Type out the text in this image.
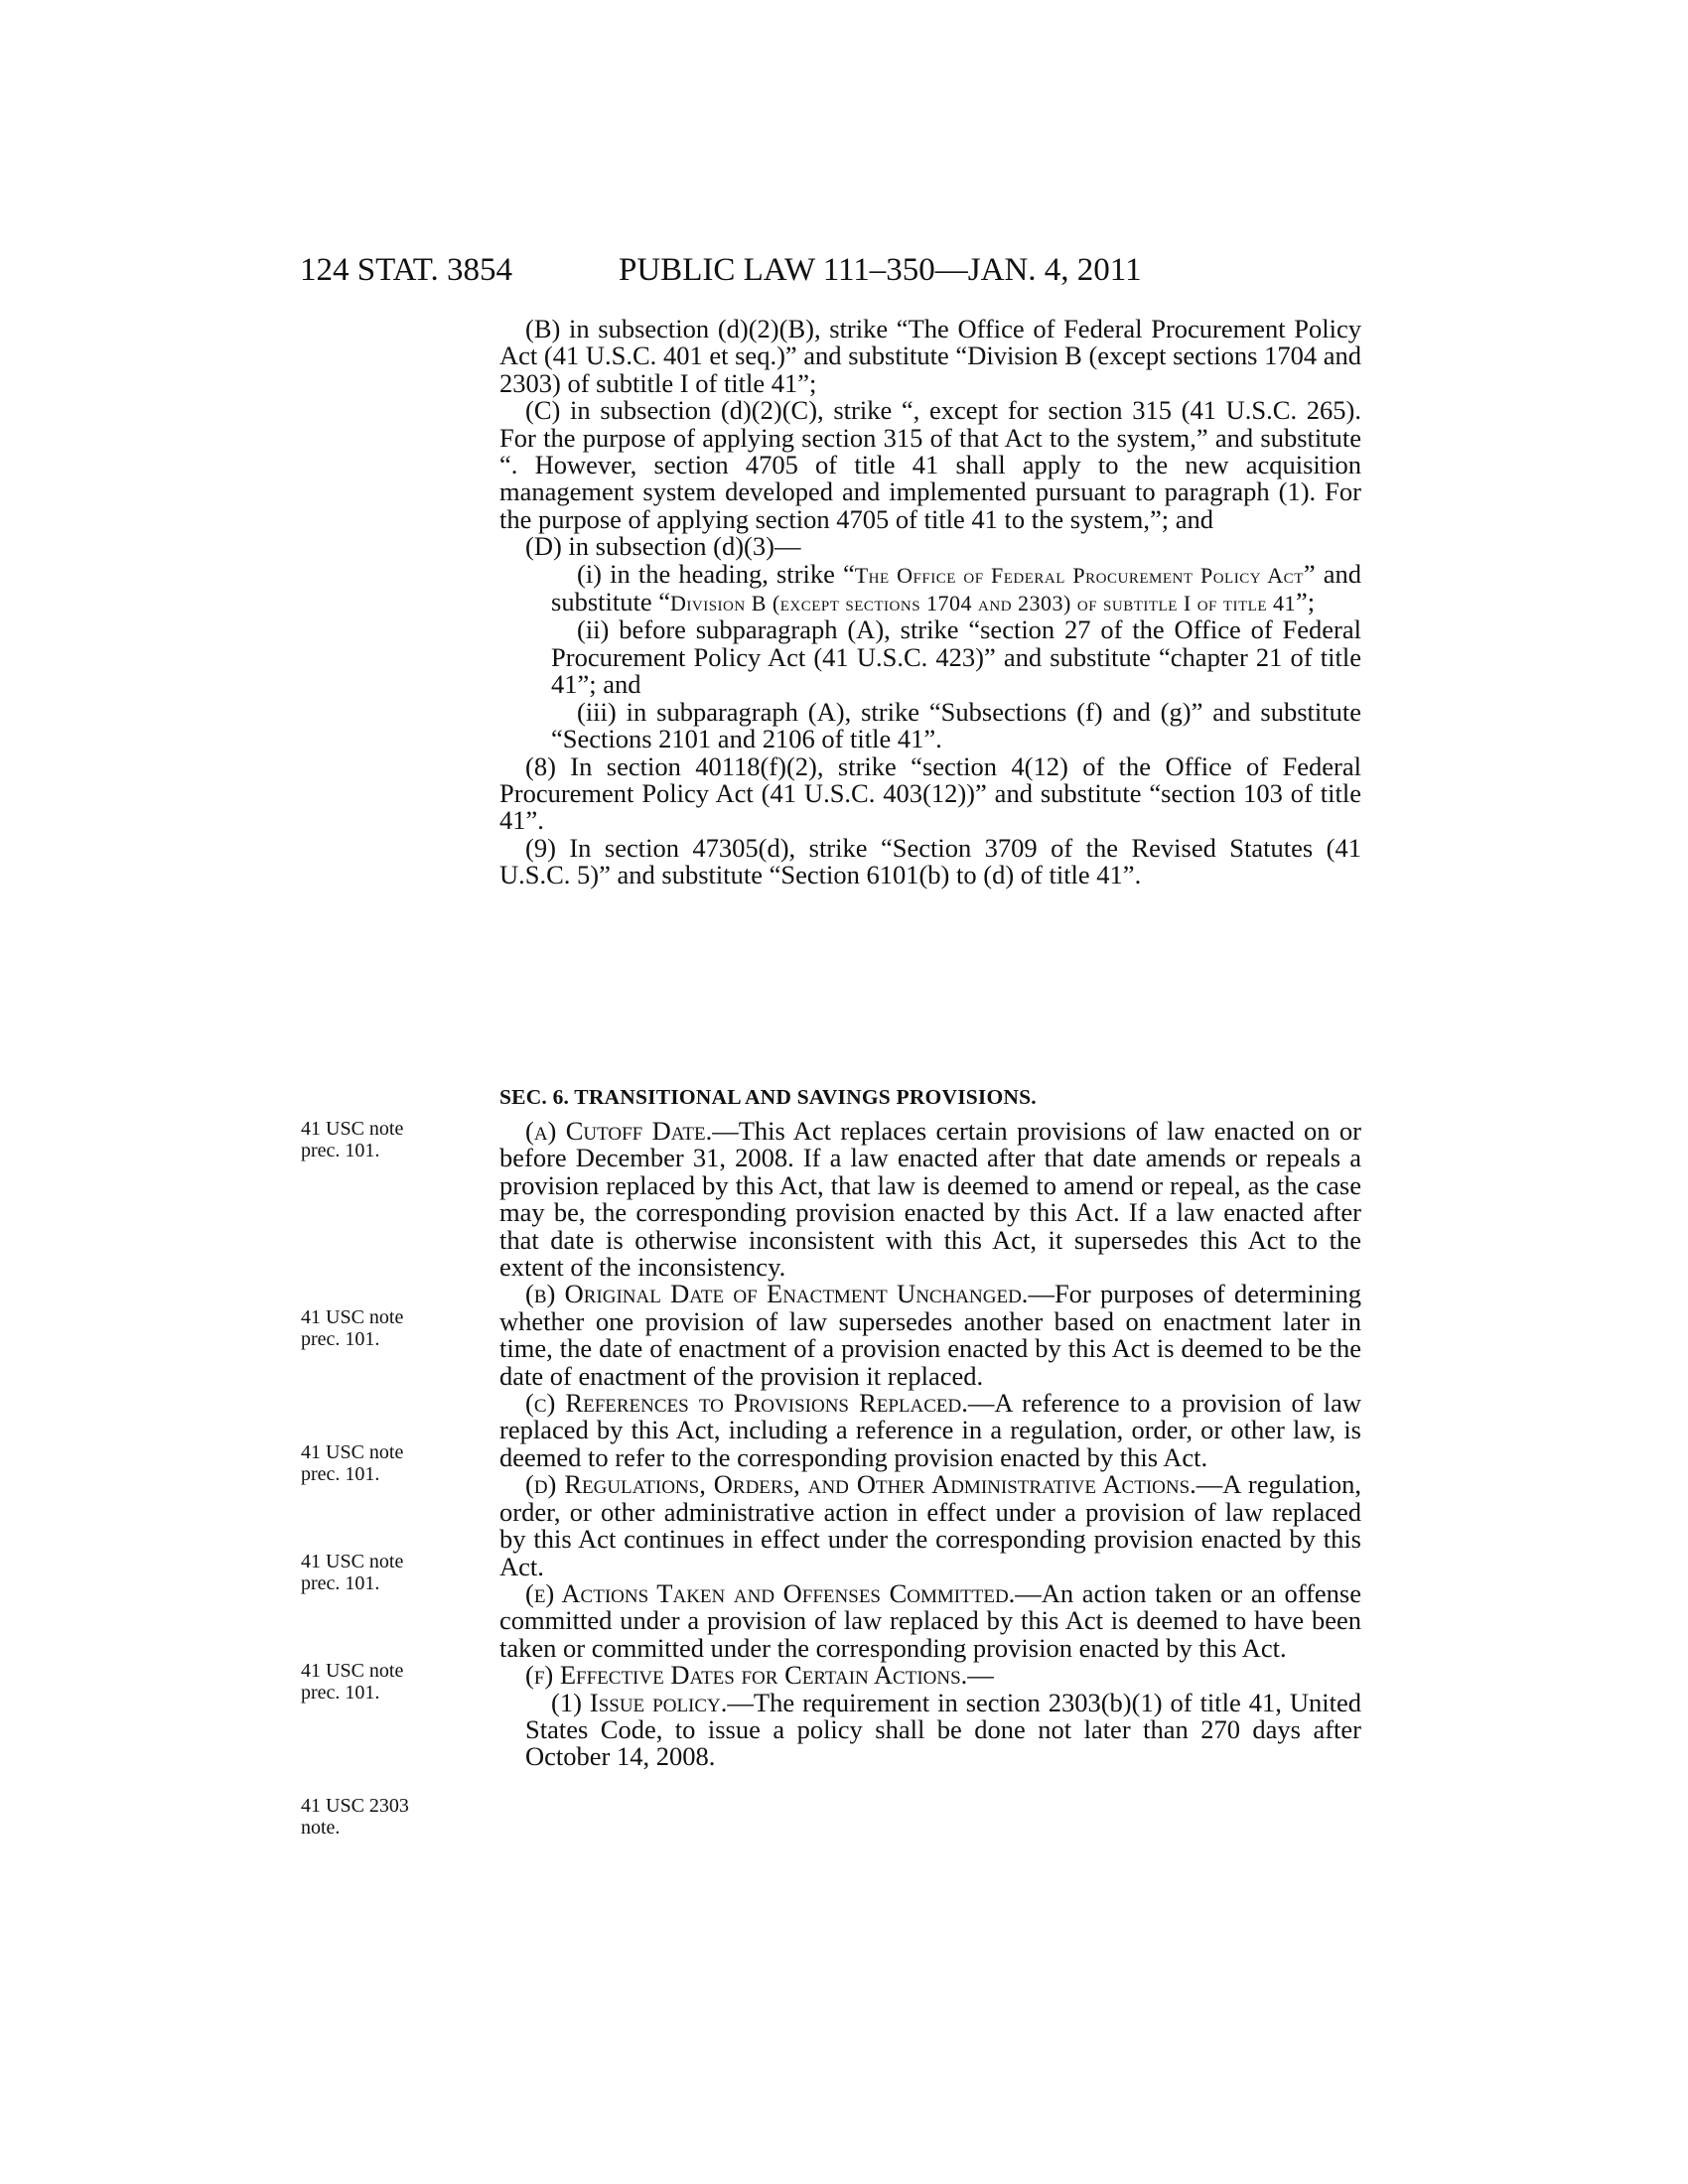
124 STAT. 3854	PUBLIC LAW 111–350—JAN. 4, 2011

(B) in subsection (d)(2)(B), strike “The Office of Federal Procurement Policy Act (41 U.S.C. 401 et seq.)” and substitute “Division B (except sections 1704 and 2303) of subtitle I of title 41”;

(C) in subsection (d)(2)(C), strike “, except for section 315 (41 U.S.C. 265). For the purpose of applying section 315 of that Act to the system,” and substitute “. However, section 4705 of title 41 shall apply to the new acquisition management system developed and implemented pursuant to paragraph (1). For the purpose of applying section 4705 of title 41 to the system,”; and

(D) in subsection (d)(3)—

(i) in the heading, strike “The Office of Federal Procurement Policy Act” and substitute “Division B (except sections 1704 and 2303) of subtitle I of title 41”;

(ii) before subparagraph (A), strike “section 27 of the Office of Federal Procurement Policy Act (41 U.S.C. 423)” and substitute “chapter 21 of title 41”; and

(iii) in subparagraph (A), strike “Subsections (f) and (g)” and substitute “Sections 2101 and 2106 of title 41”.

(8) In section 40118(f)(2), strike “section 4(12) of the Office of Federal Procurement Policy Act (41 U.S.C. 403(12))” and substitute “section 103 of title 41”.

(9) In section 47305(d), strike “Section 3709 of the Revised Statutes (41 U.S.C. 5)” and substitute “Section 6101(b) to (d) of title 41”.

SEC. 6. TRANSITIONAL AND SAVINGS PROVISIONS.
41 USC note
prec. 101.
41 USC note
prec. 101.
41 USC note
prec. 101.
41 USC note
prec. 101.
41 USC note
prec. 101.
41 USC 2303
note.

(a) Cutoff Date.—This Act replaces certain provisions of law enacted on or before December 31, 2008. If a law enacted after that date amends or repeals a provision replaced by this Act, that law is deemed to amend or repeal, as the case may be, the corresponding provision enacted by this Act. If a law enacted after that date is otherwise inconsistent with this Act, it supersedes this Act to the extent of the inconsistency.

(b) Original Date of Enactment Unchanged.—For purposes of determining whether one provision of law supersedes another based on enactment later in time, the date of enactment of a provision enacted by this Act is deemed to be the date of enactment of the provision it replaced.

(c) References to Provisions Replaced.—A reference to a provision of law replaced by this Act, including a reference in a regulation, order, or other law, is deemed to refer to the corresponding provision enacted by this Act.

(d) Regulations, Orders, and Other Administrative Actions.—A regulation, order, or other administrative action in effect under a provision of law replaced by this Act continues in effect under the corresponding provision enacted by this Act.

(e) Actions Taken and Offenses Committed.—An action taken or an offense committed under a provision of law replaced by this Act is deemed to have been taken or committed under the corresponding provision enacted by this Act.

(f) Effective Dates for Certain Actions.—

(1) Issue policy.—The requirement in section 2303(b)(1) of title 41, United States Code, to issue a policy shall be done not later than 270 days after October 14, 2008.
